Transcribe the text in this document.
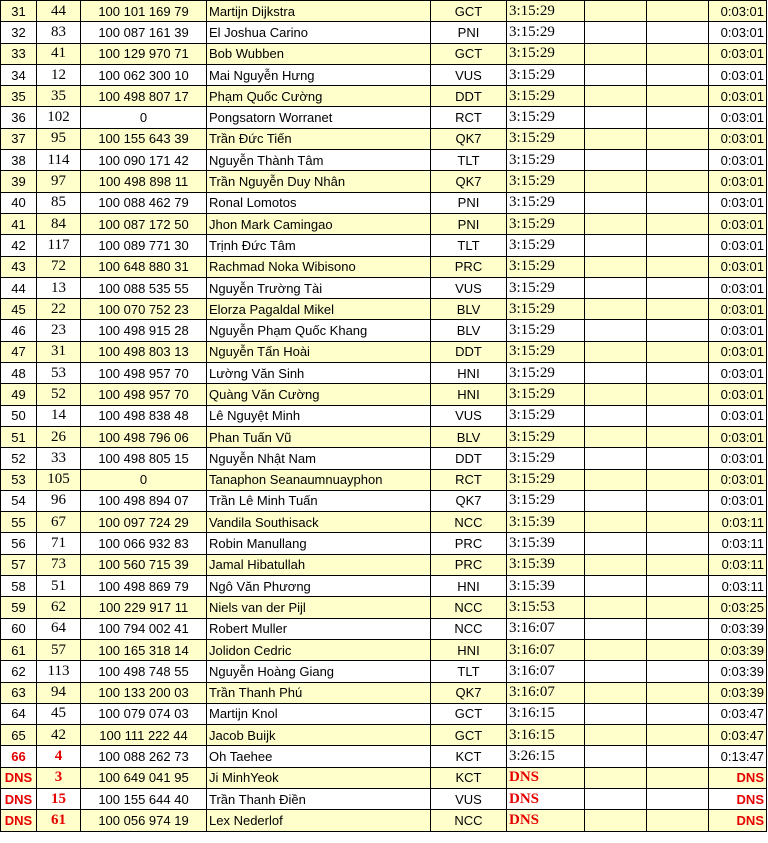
31	44	100 101 169 79	Martijn Dijkstra	GCT	3:15:29			0:03:01
32	83	100 087 161 39	El Joshua Carino	PNI	3:15:29			0:03:01
33	41	100 129 970 71	Bob Wubben	GCT	3:15:29			0:03:01
34	12	100 062 300 10	Mai Nguyễn Hưng	VUS	3:15:29			0:03:01
35	35	100 498 807 17	Phạm Quốc Cường	DDT	3:15:29			0:03:01
36	102	0	Pongsatorn Worranet	RCT	3:15:29			0:03:01
37	95	100 155 643 39	Trần Đức Tiến	QK7	3:15:29			0:03:01
38	114	100 090 171 42	Nguyễn Thành Tâm	TLT	3:15:29			0:03:01
39	97	100 498 898 11	Trần Nguyễn Duy Nhân	QK7	3:15:29			0:03:01
40	85	100 088 462 79	Ronal Lomotos	PNI	3:15:29			0:03:01
41	84	100 087 172 50	Jhon Mark Camingao	PNI	3:15:29			0:03:01
42	117	100 089 771 30	Trịnh Đức Tâm	TLT	3:15:29			0:03:01
43	72	100 648 880 31	Rachmad Noka Wibisono	PRC	3:15:29			0:03:01
44	13	100 088 535 55	Nguyễn Trường Tài	VUS	3:15:29			0:03:01
45	22	100 070 752 23	Elorza Pagaldal Mikel	BLV	3:15:29			0:03:01
46	23	100 498 915 28	Nguyễn Phạm Quốc Khang	BLV	3:15:29			0:03:01
47	31	100 498 803 13	Nguyễn Tấn Hoài	DDT	3:15:29			0:03:01
48	53	100 498 957 70	Lường Văn Sinh	HNI	3:15:29			0:03:01
49	52	100 498 957 70	Quàng Văn Cường	HNI	3:15:29			0:03:01
50	14	100 498 838 48	Lê Nguyệt Minh	VUS	3:15:29			0:03:01
51	26	100 498 796 06	Phan Tuấn Vũ	BLV	3:15:29			0:03:01
52	33	100 498 805 15	Nguyễn Nhật Nam	DDT	3:15:29			0:03:01
53	105	0	Tanaphon Seanaumnuayphon	RCT	3:15:29			0:03:01
54	96	100 498 894 07	Trần Lê Minh Tuấn	QK7	3:15:29			0:03:01
55	67	100 097 724 29	Vandila Southisack	NCC	3:15:39			0:03:11
56	71	100 066 932 83	Robin Manullang	PRC	3:15:39			0:03:11
57	73	100 560 715 39	Jamal Hibatullah	PRC	3:15:39			0:03:11
58	51	100 498 869 79	Ngô Văn Phương	HNI	3:15:39			0:03:11
59	62	100 229 917 11	Niels van der Pijl	NCC	3:15:53			0:03:25
60	64	100 794 002 41	Robert Muller	NCC	3:16:07			0:03:39
61	57	100 165 318 14	Jolidon Cedric	HNI	3:16:07			0:03:39
62	113	100 498 748 55	Nguyễn Hoàng Giang	TLT	3:16:07			0:03:39
63	94	100 133 200 03	Trần Thanh Phú	QK7	3:16:07			0:03:39
64	45	100 079 074 03	Martijn Knol	GCT	3:16:15			0:03:47
65	42	100 111 222 44	Jacob Buijk	GCT	3:16:15			0:03:47
66	4	100 088 262 73	Oh Taehee	KCT	3:26:15			0:13:47
DNS	3	100 649 041 95	Ji MinhYeok	KCT	DNS			DNS
DNS	15	100 155 644 40	Trần Thanh Điền	VUS	DNS			DNS
DNS	61	100 056 974 19	Lex Nederlof	NCC	DNS			DNS
